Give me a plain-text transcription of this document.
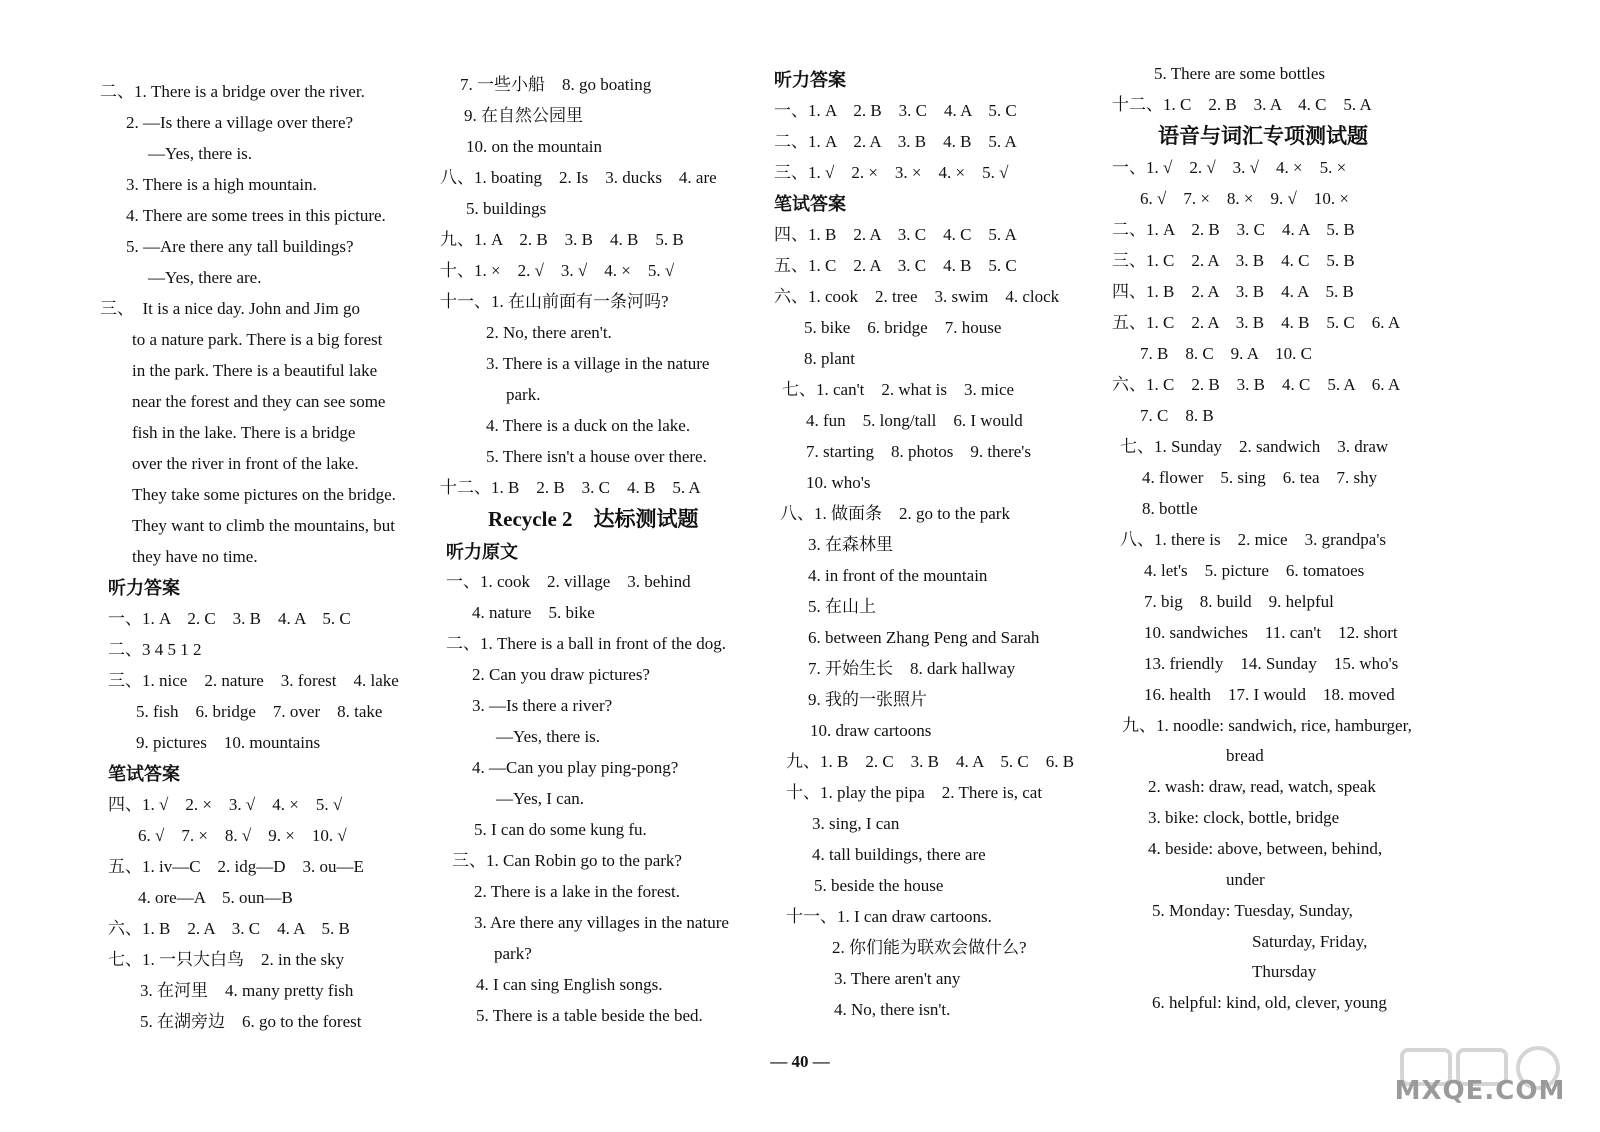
二、1. There is a bridge over the river.
2. —Is there a village over there?
—Yes, there is.
3. There is a high mountain.
4. There are some trees in this picture.
5. —Are there any tall buildings?
—Yes, there are.
三、　It is a nice day. John and Jim go
to a nature park. There is a big forest
in the park. There is a beautiful lake
near the forest and they can see some
fish in the lake. There is a bridge
over the river in front of the lake.
They take some pictures on the bridge.
They want to climb the mountains, but
they have no time.
听力答案
一、1. A　2. C　3. B　4. A　5. C
二、3 4 5 1 2
三、1. nice　2. nature　3. forest　4. lake
5. fish　6. bridge　7. over　8. take
9. pictures　10. mountains
笔试答案
四、1. √　2. ×　3. √　4. ×　5. √
6. √　7. ×　8. √　9. ×　10. √
五、1. iv—C　2. idg—D　3. ou—E
4. ore—A　5. oun—B
六、1. B　2. A　3. C　4. A　5. B
七、1. 一只大白鸟　2. in the sky
3. 在河里　4. many pretty fish
5. 在湖旁边　6. go to the forest
7. 一些小船　8. go boating
9. 在自然公园里
10. on the mountain
八、1. boating　2. Is　3. ducks　4. are
5. buildings
九、1. A　2. B　3. B　4. B　5. B
十、1. ×　2. √　3. √　4. ×　5. √
十一、1. 在山前面有一条河吗?
2. No, there aren't.
3. There is a village in the nature
park.
4. There is a duck on the lake.
5. There isn't a house over there.
十二、1. B　2. B　3. C　4. B　5. A
Recycle 2　达标测试题
听力原文
一、1. cook　2. village　3. behind
4. nature　5. bike
二、1. There is a ball in front of the dog.
2. Can you draw pictures?
3. —Is there a river?
—Yes, there is.
4. —Can you play ping-pong?
—Yes, I can.
5. I can do some kung fu.
三、1. Can Robin go to the park?
2. There is a lake in the forest.
3. Are there any villages in the nature
park?
4. I can sing English songs.
5. There is a table beside the bed.
听力答案
一、1. A　2. B　3. C　4. A　5. C
二、1. A　2. A　3. B　4. B　5. A
三、1. √　2. ×　3. ×　4. ×　5. √
笔试答案
四、1. B　2. A　3. C　4. C　5. A
五、1. C　2. A　3. C　4. B　5. C
六、1. cook　2. tree　3. swim　4. clock
5. bike　6. bridge　7. house
8. plant
七、1. can't　2. what is　3. mice
4. fun　5. long/tall　6. I would
7. starting　8. photos　9. there's
10. who's
八、1. 做面条　2. go to the park
3. 在森林里
4. in front of the mountain
5. 在山上
6. between Zhang Peng and Sarah
7. 开始生长　8. dark hallway
9. 我的一张照片
10. draw cartoons
九、1. B　2. C　3. B　4. A　5. C　6. B
十、1. play the pipa　2. There is, cat
3. sing, I can
4. tall buildings, there are
5. beside the house
十一、1. I can draw cartoons.
2. 你们能为联欢会做什么?
3. There aren't any
4. No, there isn't.
5. There are some bottles
十二、1. C　2. B　3. A　4. C　5. A
语音与词汇专项测试题
一、1. √　2. √　3. √　4. ×　5. ×
6. √　7. ×　8. ×　9. √　10. ×
二、1. A　2. B　3. C　4. A　5. B
三、1. C　2. A　3. B　4. C　5. B
四、1. B　2. A　3. B　4. A　5. B
五、1. C　2. A　3. B　4. B　5. C　6. A
7. B　8. C　9. A　10. C
六、1. C　2. B　3. B　4. C　5. A　6. A
7. C　8. B
七、1. Sunday　2. sandwich　3. draw
4. flower　5. sing　6. tea　7. shy
8. bottle
八、1. there is　2. mice　3. grandpa's
4. let's　5. picture　6. tomatoes
7. big　8. build　9. helpful
10. sandwiches　11. can't　12. short
13. friendly　14. Sunday　15. who's
16. health　17. I would　18. moved
九、1. noodle: sandwich, rice, hamburger,
bread
2. wash: draw, read, watch, speak
3. bike: clock, bottle, bridge
4. beside: above, between, behind,
under
5. Monday: Tuesday, Sunday,
Saturday, Friday,
Thursday
6. helpful: kind, old, clever, young
— 40 —
MXQE.COM
